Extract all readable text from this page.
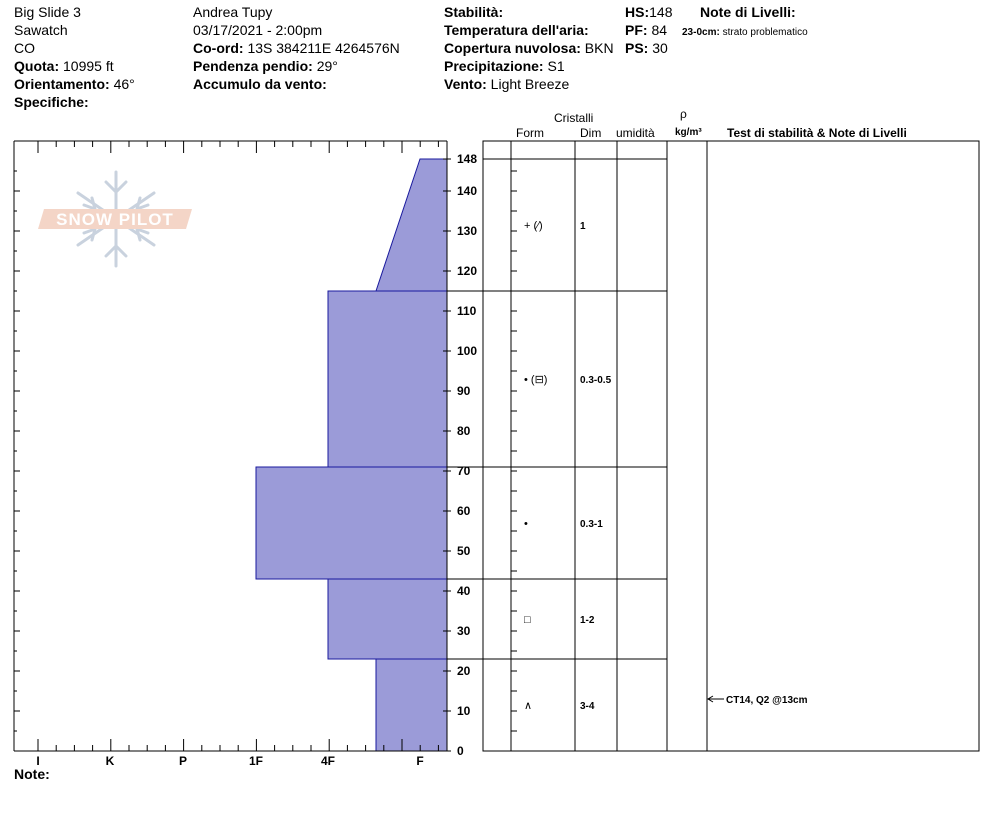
Big Slide 3
Sawatch
CO
Quota: 10995 ft
Orientamento: 46°
Specifiche:
Andrea Tupy
03/17/2021 - 2:00pm
Co-ord: 13S 384211E 4264576N
Pendenza pendio: 29°
Accumulo da vento:
Stabilità:
Temperatura dell'aria:
Copertura nuvolosa: BKN
Precipitazione: S1
Vento: Light Breeze
HS:148
PF: 84
PS: 30
Note di Livelli:
23-0cm: strato problematico
Cristalli
Form	Dim umidità
ρ
kg/m³ Test di stabilità & Note di Livelli
Note:
SNOW PILOT
I	K	P	1F	4F	F
0
10
20
30
40
50
60
70
80
90
100
110
120
130
140
148
+ (⁄)	1
• (⊟)	0.3-0.5
•	0.3-1
□	1-2
∧	3-4
CT14, Q2 @13cm
